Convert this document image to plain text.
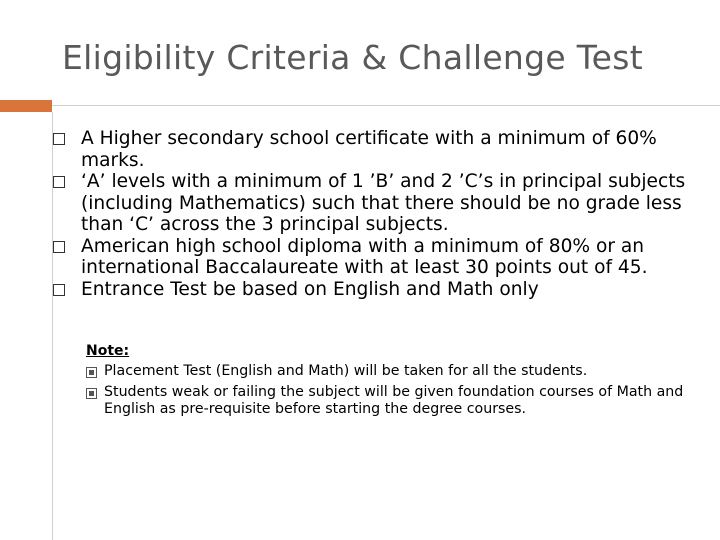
Eligibility Criteria & Challenge Test
A Higher secondary school certificate with a minimum of 60% marks.
‘A’ levels with a minimum of 1 ’B’ and 2 ’C’s in principal subjects (including Mathematics) such that there should be no grade less than ‘C’ across the 3 principal subjects.
American high school diploma with a minimum of 80% or an international Baccalaureate with at least 30 points out of 45.
Entrance Test be based on English and Math only
Note:
Placement Test (English and Math) will be taken for all the students.
Students weak or failing the subject will be given foundation courses of Math and English as pre-requisite before starting the degree courses.
